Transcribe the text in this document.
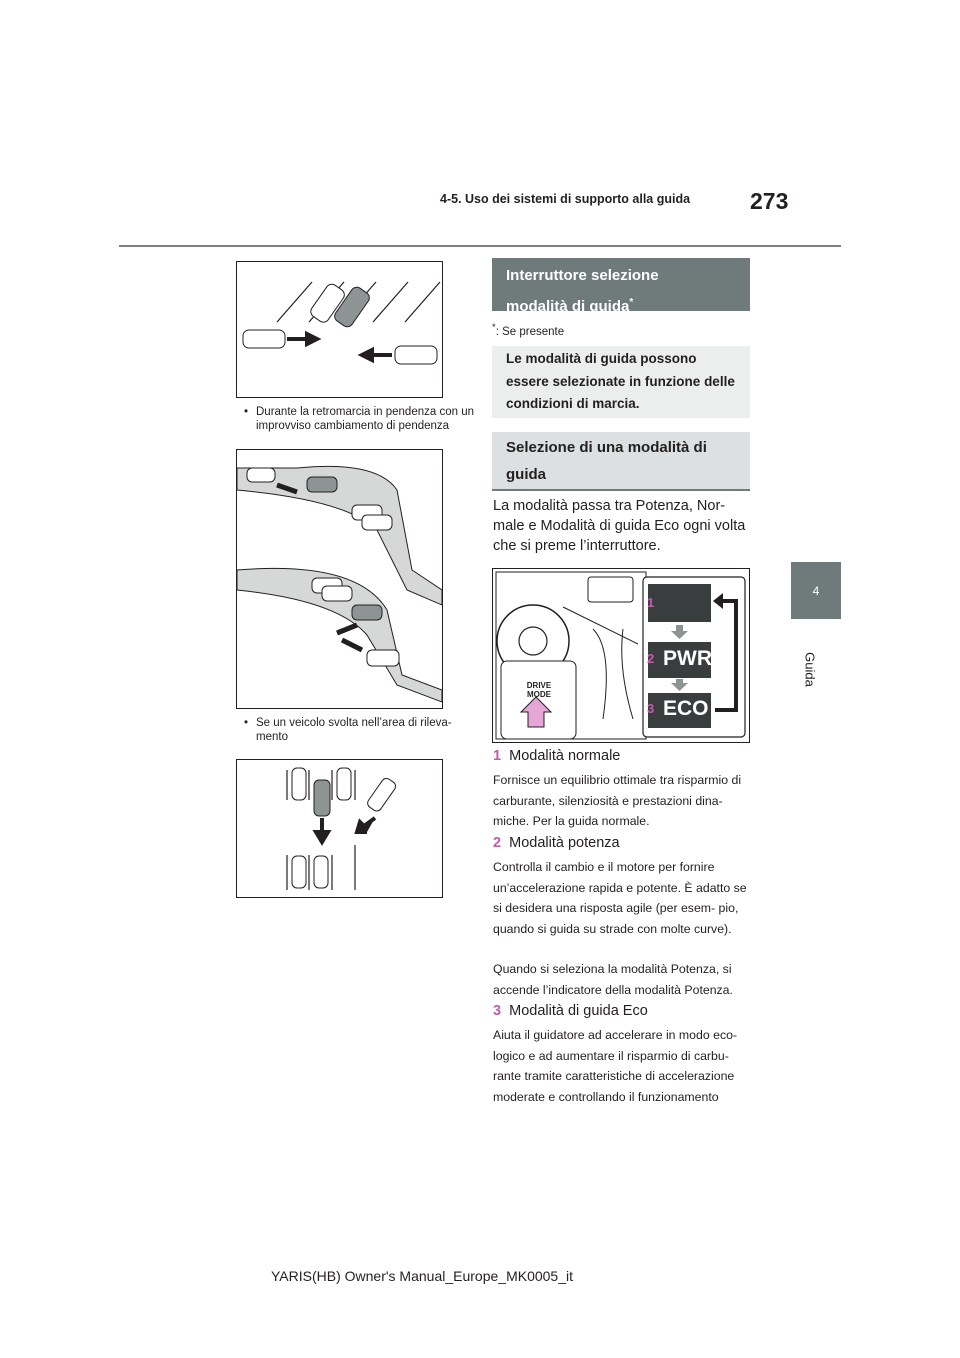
4-5. Uso dei sistemi di supporto alla guida	273
4
Guida
• Durante la retromarcia in pendenza con un improvviso cambiamento di pendenza
• Se un veicolo svolta nell’area di rileva- mento
Interruttore selezione
modalità di guida*
*: Se presente
Le modalità di guida possono essere selezionate in funzione delle condizioni di marcia.
Selezione di una modalità di guida
La modalità passa tra Potenza, Nor- male e Modalità di guida Eco ogni volta che si preme l’interruttore.
DRIVE
MODE
1
2
3
PWR
ECO
1 Modalità normale
Fornisce un equilibrio ottimale tra risparmio di carburante, silenziosità e prestazioni dina- miche. Per la guida normale.
2 Modalità potenza
Controlla il cambio e il motore per fornire un’accelerazione rapida e potente. È adatto se si desidera una risposta agile (per esem- pio, quando si guida su strade con molte curve).
Quando si seleziona la modalità Potenza, si accende l’indicatore della modalità Potenza.
3 Modalità di guida Eco
Aiuta il guidatore ad accelerare in modo eco- logico e ad aumentare il risparmio di carbu- rante tramite caratteristiche di accelerazione moderate e controllando il funzionamento
YARIS(HB) Owner's Manual_Europe_MK0005_it
